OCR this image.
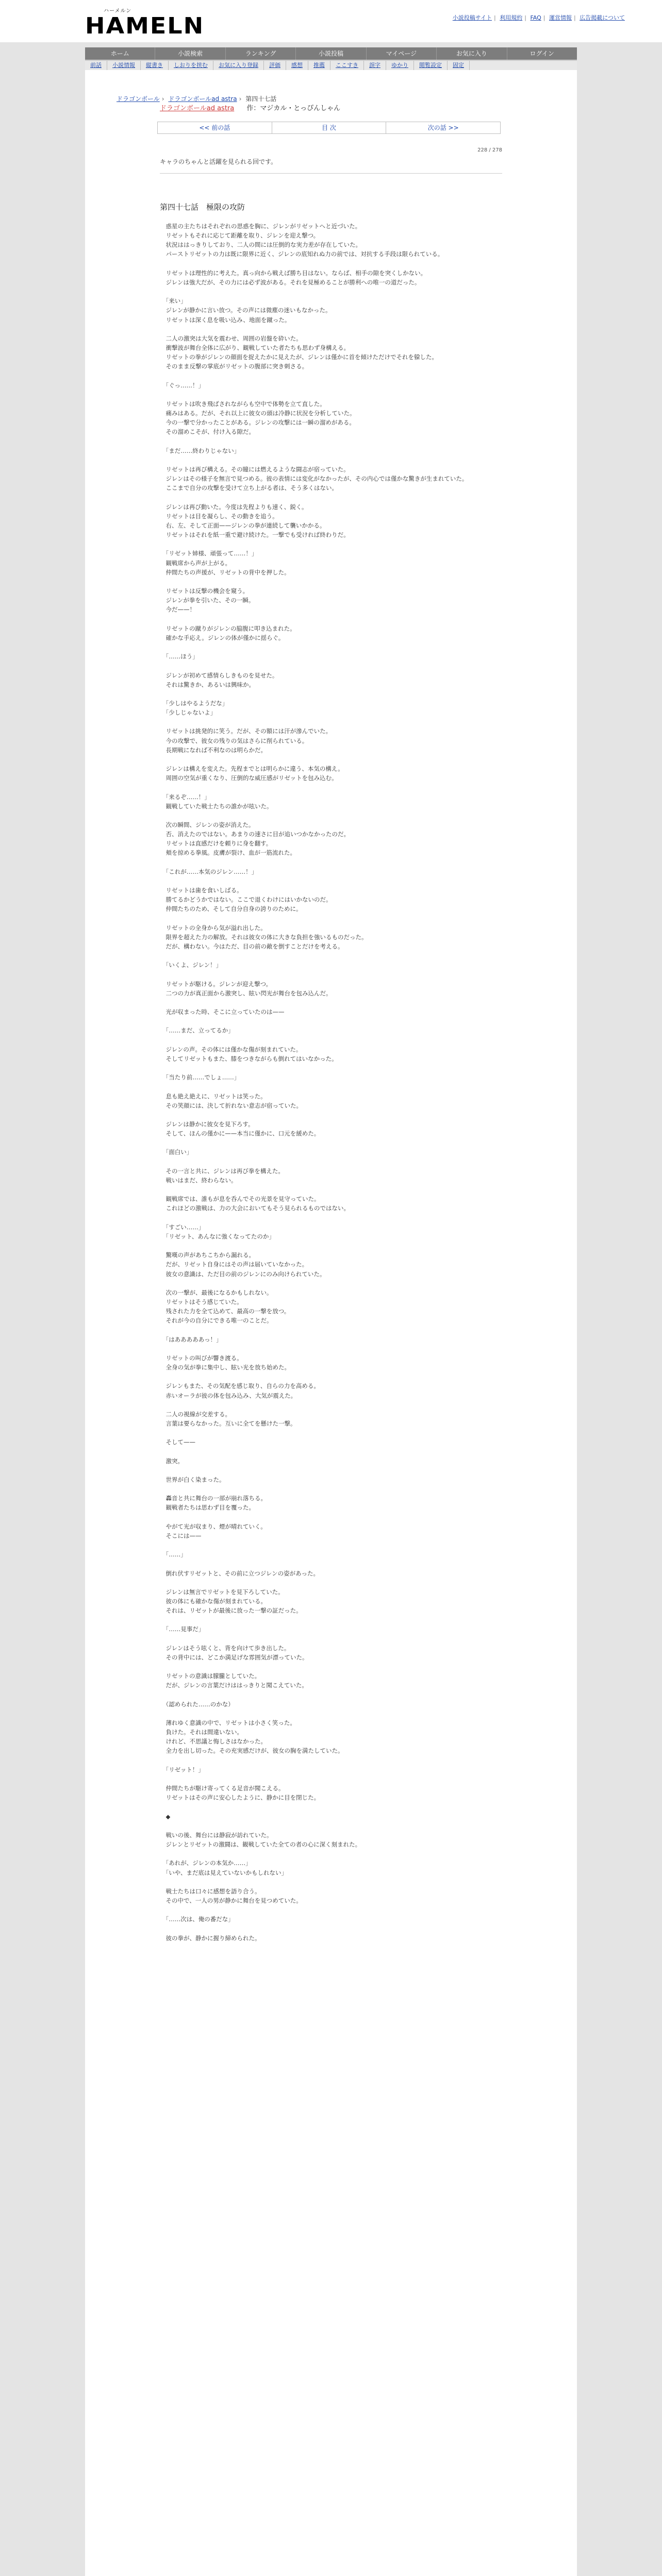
ハーメルン
HAMELN	小説投稿サイト | 利用規約 | FAQ | 運営情報 | 広告掲載について
ホーム	小説検索	ランキング	小説投稿	マイページ	お気に入り	ログイン
前話	小説情報	縦書き	しおりを挟む	お気に入り登録	評価	感想	推薦	ここすき	誤字	ゆかり	閲覧設定	固定
ドラゴンボール › ドラゴンボールad astra › 第四十七話
ドラゴンボールad astra 作：マジカル・とっぴんしゃん
<< 前の話	目 次	次の話 >>
228 / 278
キャラのちゃんと活躍を見られる回です。
第四十七話　極限の攻防
　惑星の主たちはそれぞれの思惑を胸に、ジレンがリゼットへと近づいた。
　リゼットもそれに応じて距離を取り、ジレンを迎え撃つ。
　状況ははっきりしており、二人の間には圧倒的な実力差が存在していた。
　パーストリゼットの力は既に限界に近く、ジレンの底知れぬ力の前では、対抗する手段は限られている。

　リゼットは理性的に考えた。真っ向から戦えば勝ち目はない。ならば、相手の隙を突くしかない。
　ジレンは強大だが、その力には必ず波がある。それを見極めることが勝利への唯一の道だった。

　「来い」
　ジレンが静かに言い放つ。その声には微塵の迷いもなかった。
　リゼットは深く息を吸い込み、地面を蹴った。

　二人の激突は大気を震わせ、周囲の岩盤を砕いた。
　衝撃波が舞台全体に広がり、観戦していた者たちも思わず身構える。
　リゼットの拳がジレンの顔面を捉えたかに見えたが、ジレンは僅かに首を傾けただけでそれを躱した。
　そのまま反撃の掌底がリゼットの腹部に突き刺さる。

　「ぐっ……！」

　リゼットは吹き飛ばされながらも空中で体勢を立て直した。
　痛みはある。だが、それ以上に彼女の頭は冷静に状況を分析していた。
　今の一撃で分かったことがある。ジレンの攻撃には一瞬の溜めがある。
　その溜めこそが、付け入る隙だ。

　「まだ……終わりじゃない」

　リゼットは再び構える。その瞳には燃えるような闘志が宿っていた。
　ジレンはその様子を無言で見つめる。彼の表情には変化がなかったが、その内心では僅かな驚きが生まれていた。
　ここまで自分の攻撃を受けて立ち上がる者は、そう多くはない。

　ジレンは再び動いた。今度は先程よりも速く、鋭く。
　リゼットは目を凝らし、その動きを追う。
　右、左、そして正面——ジレンの拳が連続して襲いかかる。
　リゼットはそれを紙一重で避け続けた。一撃でも受ければ終わりだ。

　「リゼット姉様、頑張って……！」
　観戦席から声が上がる。
　仲間たちの声援が、リゼットの背中を押した。

　リゼットは反撃の機会を窺う。
　ジレンが拳を引いた、その一瞬。
　今だ——！

　リゼットの蹴りがジレンの脇腹に叩き込まれた。
　確かな手応え。ジレンの体が僅かに揺らぐ。

　「……ほう」

　ジレンが初めて感情らしきものを見せた。
　それは驚きか、あるいは興味か。

　「少しはやるようだな」
　「少しじゃないよ」

　リゼットは挑発的に笑う。だが、その額には汗が滲んでいた。
　今の攻撃で、彼女の残りの気はさらに削られている。
　長期戦になれば不利なのは明らかだ。

　ジレンは構えを変えた。先程までとは明らかに違う、本気の構え。
　周囲の空気が重くなり、圧倒的な威圧感がリゼットを包み込む。

　「来るぞ……！」
　観戦していた戦士たちの誰かが呟いた。

　次の瞬間、ジレンの姿が消えた。
　否、消えたのではない。あまりの速さに目が追いつかなかったのだ。
　リゼットは直感だけを頼りに身を翻す。
　頬を掠める拳風。皮膚が裂け、血が一筋流れた。

　「これが……本気のジレン……！」

　リゼットは歯を食いしばる。
　勝てるかどうかではない。ここで退くわけにはいかないのだ。
　仲間たちのため、そして自分自身の誇りのために。

　リゼットの全身から気が溢れ出した。
　限界を超えた力の解放。それは彼女の体に大きな負担を強いるものだった。
　だが、構わない。今はただ、目の前の敵を倒すことだけを考える。

　「いくよ、ジレン！」

　リゼットが駆ける。ジレンが迎え撃つ。
　二つの力が真正面から激突し、眩い閃光が舞台を包み込んだ。

　光が収まった時、そこに立っていたのは——

　「……まだ、立ってるか」

　ジレンの声。その体には僅かな傷が刻まれていた。
　そしてリゼットもまた、膝をつきながらも倒れてはいなかった。

　「当たり前……でしょ……」

　息も絶え絶えに、リゼットは笑った。
　その笑顔には、決して折れない意志が宿っていた。

　ジレンは静かに彼女を見下ろす。
　そして、ほんの僅かに——本当に僅かに、口元を緩めた。

　「面白い」

　その一言と共に、ジレンは再び拳を構えた。
　戦いはまだ、終わらない。

　観戦席では、誰もが息を呑んでその光景を見守っていた。
　これほどの激戦は、力の大会においてもそう見られるものではない。

　「すごい……」
　「リゼット、あんなに強くなってたのか」

　驚嘆の声があちこちから漏れる。
　だが、リゼット自身にはその声は届いていなかった。
　彼女の意識は、ただ目の前のジレンにのみ向けられていた。

　次の一撃が、最後になるかもしれない。
　リゼットはそう感じていた。
　残された力を全て込めて、最高の一撃を放つ。
　それが今の自分にできる唯一のことだ。

　「はあああああっ！」

　リゼットの叫びが響き渡る。
　全身の気が拳に集中し、眩い光を放ち始めた。

　ジレンもまた、その気配を感じ取り、自らの力を高める。
　赤いオーラが彼の体を包み込み、大気が震えた。

　二人の視線が交差する。
　言葉は要らなかった。互いに全てを懸けた一撃。

　そして——

　激突。

　世界が白く染まった。

　轟音と共に舞台の一部が崩れ落ちる。
　観戦者たちは思わず目を覆った。

　やがて光が収まり、煙が晴れていく。
　そこには——

　「……」

　倒れ伏すリゼットと、その前に立つジレンの姿があった。

　ジレンは無言でリゼットを見下ろしていた。
　彼の体にも確かな傷が刻まれている。
　それは、リゼットが最後に放った一撃の証だった。

　「……見事だ」

　ジレンはそう呟くと、背を向けて歩き出した。
　その背中には、どこか満足げな雰囲気が漂っていた。

　リゼットの意識は朦朧としていた。
　だが、ジレンの言葉だけははっきりと聞こえていた。

　（認められた……のかな）

　薄れゆく意識の中で、リゼットは小さく笑った。
　負けた。それは間違いない。
　けれど、不思議と悔しさはなかった。
　全力を出し切った。その充実感だけが、彼女の胸を満たしていた。

　「リゼット！」

　仲間たちが駆け寄ってくる足音が聞こえる。
　リゼットはその声に安心したように、静かに目を閉じた。

　◆

　戦いの後、舞台には静寂が訪れていた。
　ジレンとリゼットの激闘は、観戦していた全ての者の心に深く刻まれた。

　「あれが、ジレンの本気か……」
　「いや、まだ底は見えていないかもしれない」

　戦士たちは口々に感想を語り合う。
　その中で、一人の男が静かに舞台を見つめていた。

　「……次は、俺の番だな」

　彼の拳が、静かに握り締められた。
